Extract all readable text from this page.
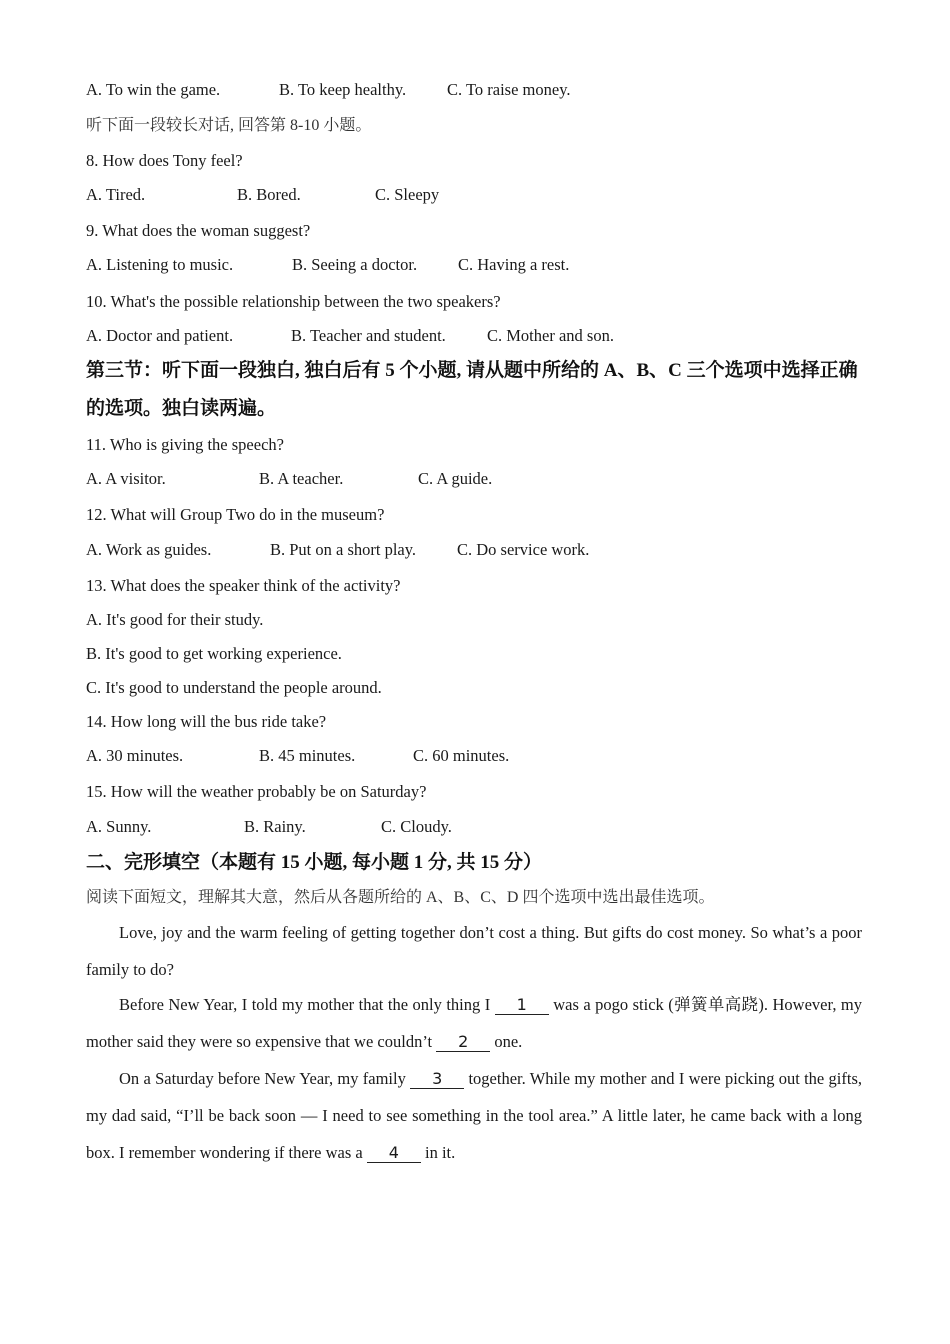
A. To win the game.	B. To keep healthy. C. To raise money.
听下面一段较长对话, 回答第 8-10 小题。
8. How does Tony feel?
A. Tired.	B. Bored.	C. Sleepy
9. What does the woman suggest?
A. Listening to music.	B. Seeing a doctor. C. Having a rest.
10. What's the possible relationship between the two speakers?
A. Doctor and patient.	B. Teacher and student. C. Mother and son.
第三节：听下面一段独白, 独白后有 5 个小题, 请从题中所给的 A、B、C 三个选项中选择正确
的选项。独白读两遍。
11. Who is giving the speech?
A. A visitor.	B. A teacher.	C. A guide.
12. What will Group Two do in the museum?
A. Work as guides.	B. Put on a short play. C. Do service work.
13. What does the speaker think of the activity?
A. It's good for their study.
B. It's good to get working experience.
C. It's good to understand the people around.
14. How long will the bus ride take?
A. 30 minutes.	B. 45 minutes.	C. 60 minutes.
15. How will the weather probably be on Saturday?
A. Sunny.	B. Rainy.	C. Cloudy.
二、完形填空（本题有 15 小题, 每小题 1 分, 共 15 分）
阅读下面短文，理解其大意，然后从各题所给的 A、B、C、D 四个选项中选出最佳选项。
Love, joy and the warm feeling of getting together don’t cost a thing. But gifts do cost money. So what’s a poor family to do?
Before New Year, I told my mother that the only thing I 1 was a pogo stick (弹簧单高跷). However, my mother said they were so expensive that we couldn’t 2 one.
On a Saturday before New Year, my family 3 together. While my mother and I were picking out the gifts, my dad said, “I’ll be back soon — I need to see something in the tool area.” A little later, he came back with a long box. I remember wondering if there was a 4 in it.
